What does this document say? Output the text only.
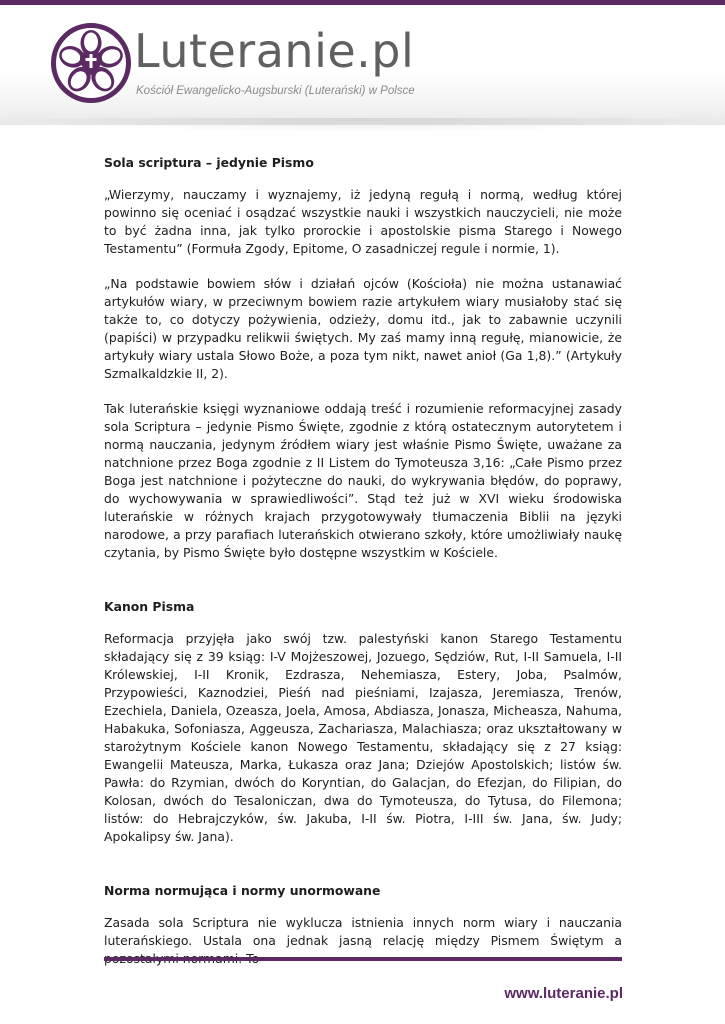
Luteranie.pl
Kościół Ewangelicko-Augsburski (Luterański) w Polsce
Sola scriptura – jedynie Pismo

„Wierzymy, nauczamy i wyznajemy, iż jedyną regułą i normą, według której powinno się oceniać i osądzać wszystkie nauki i wszystkich nauczycieli, nie może to być żadna inna, jak tylko prorockie i apostolskie pisma Starego i Nowego Testamentu” (Formuła Zgody, Epitome, O zasadniczej regule i normie, 1).

„Na podstawie bowiem słów i działań ojców (Kościoła) nie można ustanawiać artykułów wiary, w przeciwnym bowiem razie artykułem wiary musiałoby stać się także to, co dotyczy pożywienia, odzieży, domu itd., jak to zabawnie uczynili (papiści) w przypadku relikwii świętych. My zaś mamy inną regułę, mianowicie, że artykuły wiary ustala Słowo Boże, a poza tym nikt, nawet anioł (Ga 1,8).” (Artykuły Szmalkaldzkie II, 2).

Tak luterańskie księgi wyznaniowe oddają treść i rozumienie reformacyjnej zasady sola Scriptura – jedynie Pismo Święte, zgodnie z którą ostatecznym autorytetem i normą nauczania, jedynym źródłem wiary jest właśnie Pismo Święte, uważane za natchnione przez Boga zgodnie z II Listem do Tymoteusza 3,16: „Całe Pismo przez Boga jest natchnione i pożyteczne do nauki, do wykrywania błędów, do poprawy, do wychowywania w sprawiedliwości”. Stąd też już w XVI wieku środowiska luterańskie w różnych krajach przygotowywały tłumaczenia Biblii na języki narodowe, a przy parafiach luterańskich otwierano szkoły, które umożliwiały naukę czytania, by Pismo Święte było dostępne wszystkim w Kościele.

Kanon Pisma

Reformacja przyjęła jako swój tzw. palestyński kanon Starego Testamentu składający się z 39 ksiąg: I-V Mojżeszowej, Jozuego, Sędziów, Rut, I-II Samuela, I-II Królewskiej, I-II Kronik, Ezdrasza, Nehemiasza, Estery, Joba, Psalmów, Przypowieści, Kaznodziei, Pieśń nad pieśniami, Izajasza, Jeremiasza, Trenów, Ezechiela, Daniela, Ozeasza, Joela, Amosa, Abdiasza, Jonasza, Micheasza, Nahuma, Habakuka, Sofoniasza, Aggeusza, Zachariasza, Malachiasza; oraz ukształtowany w starożytnym Kościele kanon Nowego Testamentu, składający się z 27 ksiąg: Ewangelii Mateusza, Marka, Łukasza oraz Jana; Dziejów Apostolskich; listów św. Pawła: do Rzymian, dwóch do Koryntian, do Galacjan, do Efezjan, do Filipian, do Kolosan, dwóch do Tesaloniczan, dwa do Tymoteusza, do Tytusa, do Filemona; listów: do Hebrajczyków, św. Jakuba, I-II św. Piotra, I-III św. Jana, św. Judy; Apokalipsy św. Jana).

Norma normująca i normy unormowane

Zasada sola Scriptura nie wyklucza istnienia innych norm wiary i nauczania luterańskiego. Ustala ona jednak jasną relację między Pismem Świętym a

www.luteranie.pl
